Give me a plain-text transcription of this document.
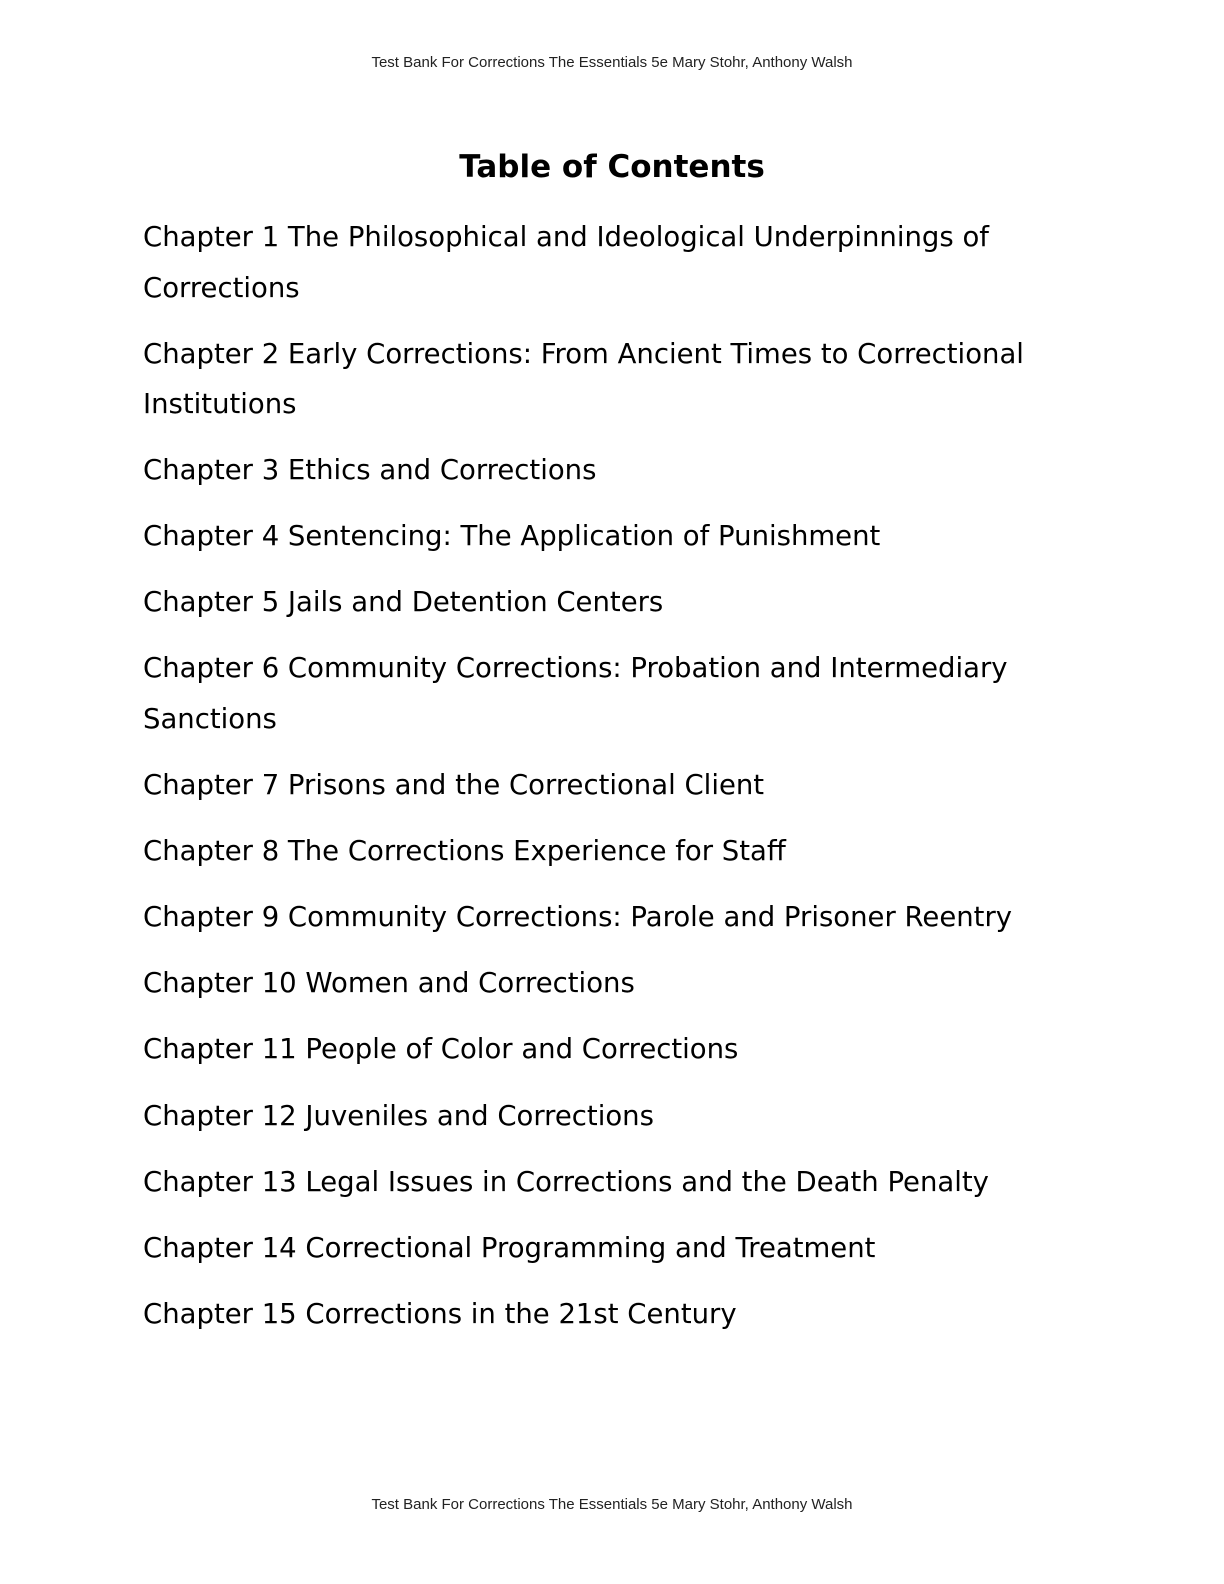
Test Bank For Corrections The Essentials 5e Mary Stohr, Anthony Walsh
Table of Contents
Chapter 1 The Philosophical and Ideological Underpinnings of Corrections
Chapter 2 Early Corrections: From Ancient Times to Correctional Institutions
Chapter 3 Ethics and Corrections
Chapter 4 Sentencing: The Application of Punishment
Chapter 5 Jails and Detention Centers
Chapter 6 Community Corrections: Probation and Intermediary Sanctions
Chapter 7 Prisons and the Correctional Client
Chapter 8 The Corrections Experience for Staff
Chapter 9 Community Corrections: Parole and Prisoner Reentry
Chapter 10 Women and Corrections
Chapter 11 People of Color and Corrections
Chapter 12 Juveniles and Corrections
Chapter 13 Legal Issues in Corrections and the Death Penalty
Chapter 14 Correctional Programming and Treatment
Chapter 15 Corrections in the 21st Century
Test Bank For Corrections The Essentials 5e Mary Stohr, Anthony Walsh
